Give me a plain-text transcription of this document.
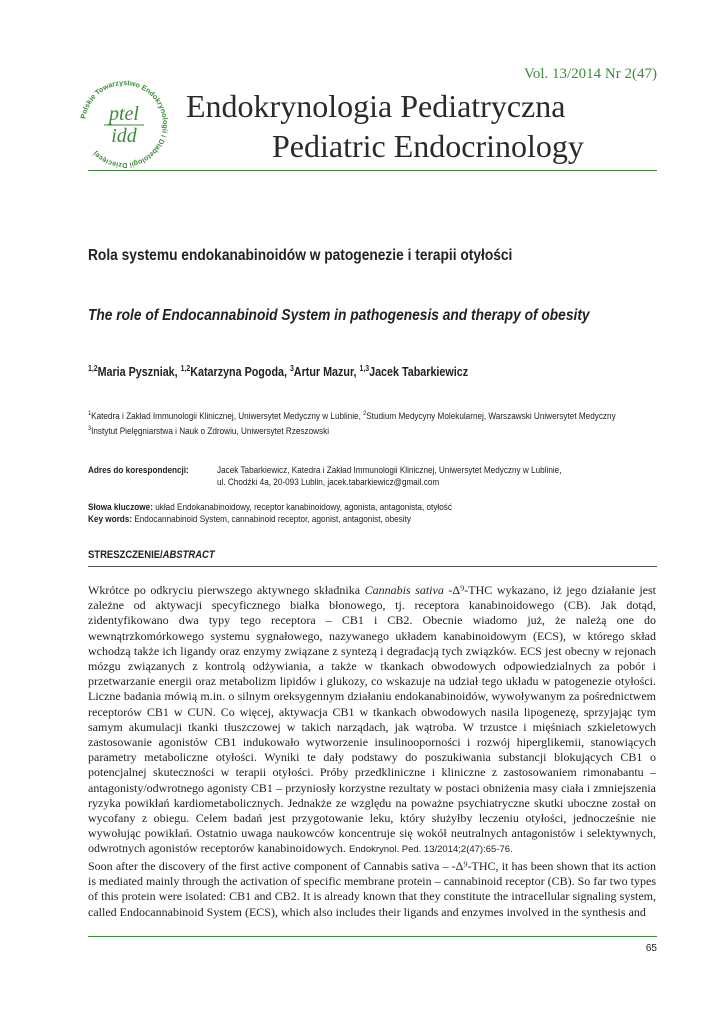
Vol. 13/2014 Nr 2(47)
Polskie Towarzystwo Endokrynologii i Diabetologii Dziecięcej
ptel
idd
Endokrynologia Pediatryczna
Pediatric Endocrinology
Rola systemu endokanabinoidów w patogenezie i terapii otyłości
The role of Endocannabinoid System in pathogenesis and therapy of obesity
$^{1,2}$Maria Pyszniak, $^{1,2}$Katarzyna Pogoda, $^3$Artur Mazur, $^{1,3}$Jacek Tabarkiewicz
$^1$Katedra i Zakład Immunologii Klinicznej, Uniwersytet Medyczny w Lublinie, $^2$Studium Medycyny Molekularnej, Warszawski Uniwersytet Medyczny
$^3$Instytut Pielęgniarstwa i Nauk o Zdrowiu, Uniwersytet Rzeszowski
Adres do korespondencji:	Jacek Tabarkiewicz, Katedra i Zakład Immunologii Klinicznej, Uniwersytet Medyczny w Lublinie,
ul. Chodźki 4a, 20-093 Lublin, jacek.tabarkiewicz@gmail.com
Słowa kluczowe: układ Endokanabinoidowy, receptor kanabinoidowy, agonista, antagonista, otyłość
Key words: Endocannabinoid System, cannabinoid receptor, agonist, antagonist, obesity
STRESZCZENIE/ABSTRACT
Wkrótce po odkryciu pierwszego aktywnego składnika Cannabis sativa -Δ⁹-THC wykazano, iż jego działanie jest zależne od aktywacji specyficznego białka błonowego, tj. receptora kanabinoidowego (CB). Jak dotąd, zidentyfikowano dwa typy tego receptora – CB1 i CB2. Obecnie wiadomo już, że należą one do wewnątrzkomórkowego systemu sygnałowego, nazywanego układem kanabinoidowym (ECS), w którego skład wchodzą także ich ligandy oraz enzymy związane z syntezą i degradacją tych związków. ECS jest obecny w rejonach mózgu związanych z kontrolą odżywiania, a także w tkankach obwodowych odpowiedzialnych za pobór i przetwarzanie energii oraz metabolizm lipidów i glukozy, co wskazuje na udział tego układu w patogenezie otyłości. Liczne badania mówią m.in. o silnym oreksygennym działaniu endokanabinoidów, wywoływanym za pośrednictwem receptorów CB1 w CUN. Co więcej, aktywacja CB1 w tkankach obwodowych nasila lipogenezę, sprzyjając tym samym akumulacji tkanki tłuszczowej w takich narządach, jak wątroba. W trzustce i mięśniach szkieletowych zastosowanie agonistów CB1 indukowało wytworzenie insulinooporności i rozwój hiperglikemii, stanowiących parametry metaboliczne otyłości. Wyniki te dały podstawy do poszukiwania substancji blokujących CB1 o potencjalnej skuteczności w terapii otyłości. Próby przedkliniczne i kliniczne z zastosowaniem rimonabantu – antagonisty/odwrotnego agonisty CB1 – przyniosły korzystne rezultaty w postaci obniżenia masy ciała i zmniejszenia ryzyka powikłań kardiometabolicznych. Jednakże ze względu na poważne psychiatryczne skutki uboczne został on wycofany z obiegu. Celem badań jest przygotowanie leku, który służyłby leczeniu otyłości, jednocześnie nie wywołując powikłań. Ostatnio uwaga naukowców koncentruje się wokół neutralnych antagonistów i selektywnych, odwrotnych agonistów receptorów kanabinoidowych. Endokrynol. Ped. 13/2014;2(47):65-76.
Soon after the discovery of the first active component of Cannabis sativa – -Δ⁹-THC, it has been shown that its action is mediated mainly through the activation of specific membrane protein – cannabinoid receptor (CB). So far two types of this protein were isolated: CB1 and CB2. It is already known that they constitute the intracellular signaling system, called Endocannabinoid System (ECS), which also includes their ligands and enzymes involved in the synthesis and
65
